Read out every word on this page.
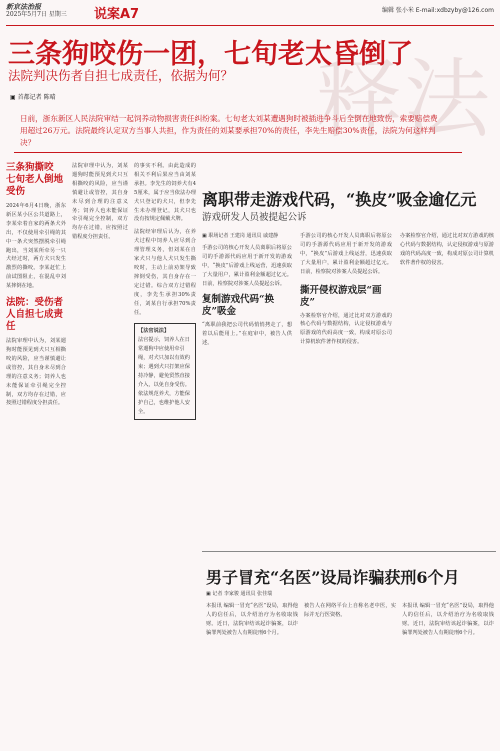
新京法治报
2025年5月7日 星期三 说案A7	编辑 张小米 E-mail:xdbzyby@126.com
释法
三条狗咬伤一团，七旬老太昏倒了
法院判决伤者自担七成责任，依据为何？
▣ 首都记者 陈晴
日前，浙东新区人民法院审结一起饲养动物损害责任纠纷案。七旬老太刘某遭遇狗时被插进争斗后全倒在地致伤，索要赔偿费用超过26万元。法院最终认定双方当事人共担，作为责任的刘某要承担70%的责任，李先生赔偿30%责任，法院为何这样判决？
三条狗撕咬 七旬老人倒地受伤
2024年6月4日晚，浙东新区某小区公共道路上，李某牵着自家的两条犬外出，不仅使用牵引绳的其中一条犬突然摆脱牵引绳跑出，当刘某所牵另一只犬经过时，两方犬只发生激烈的撕咬。李某赶忙上前试图阻止，在混乱中刘某摔倒在地。
法院：受伤者人自担七成责任
法院审理中认为，刘某遛狗时能预见到犬只互相撕咬的风险，应当谨慎避让或管控，其自身未尽到合理的注意义务；饲养人也未能保证牵引绳完全控制，双方均存在过错，应按照过错程度分担责任。
法院审理中认为，刘某遛狗时能预见到犬只互相撕咬的风险，应当谨慎避让或管控，其自身未尽到合理的注意义务；饲养人也未能保证牵引绳完全控制，双方均存在过错，应按照过错程度分担责任。
的事实不利。由此造成的相关不利后果应当由刘某承担。李先生的饲养犬有45厘米，属于应当依法办理犬只登记的犬只，但李先生未办理登记，其犬只也没有按规定佩戴犬牌。
法院经审理后认为，在养犬过程中饲养人应尽到合理管理义务，但刘某在自家犬只与他人犬只发生撕咬时，主动上前劝架导致摔倒受伤，其自身存在一定过错。综合双方过错程度，李先生承担30%责任，刘某自行承担70%责任。
【法官说法】
法官提示，饲养人在日常遛狗中应使用牵引绳，对犬只加以有效约束；遇到犬只打架应保持冷静，避免贸然直接介入，以免自身受伤。依法规范养犬，方能保护自己，也维护他人安全。
离职带走游戏代码，“换皮”吸金逾亿元
游戏研发人员被提起公诉
▣ 职场记者 王建岗 通讯员 戚建静
手游公司的核心开发人员离职后将原公司的手游源代码应用于新开发的游戏中，“换皮”后游戏上线运营，迅速获取了大量用户，累计盈利金额超过亿元。日前，检察院对涉案人员提起公诉。
复制游戏代码“换皮”吸金
“离职前我把公司代码悄悄拷走了，想着以后能用上。”在庭审中，被告人供述。
手游公司的核心开发人员离职后将原公司的手游源代码应用于新开发的游戏中，“换皮”后游戏上线运营，迅速获取了大量用户，累计盈利金额超过亿元。日前，检察院对涉案人员提起公诉。
撕开侵权游戏层“画皮”
办案检察官介绍，通过比对双方游戏的核心代码与数据结构，认定侵权游戏与原游戏的代码高度一致，构成对原公司计算机软件著作权的侵害。
办案检察官介绍，通过比对双方游戏的核心代码与数据结构，认定侵权游戏与原游戏的代码高度一致，构成对原公司计算机软件著作权的侵害。
男子冒充“名医”设局诈骗获刑6个月
▣ 记者 李家骏 通讯员 张佳瑞
本报讯 编辑一冒充“名医”设局，取得他人的信任后，以介绍治疗为名收取钱财。近日，法院审结该起诈骗案，以诈骗罪判处被告人有期徒刑6个月。
被告人在网络平台上自称名老中医，实际并无行医资格。
本报讯 编辑一冒充“名医”设局，取得他人的信任后，以介绍治疗为名收取钱财。近日，法院审结该起诈骗案，以诈骗罪判处被告人有期徒刑6个月。
